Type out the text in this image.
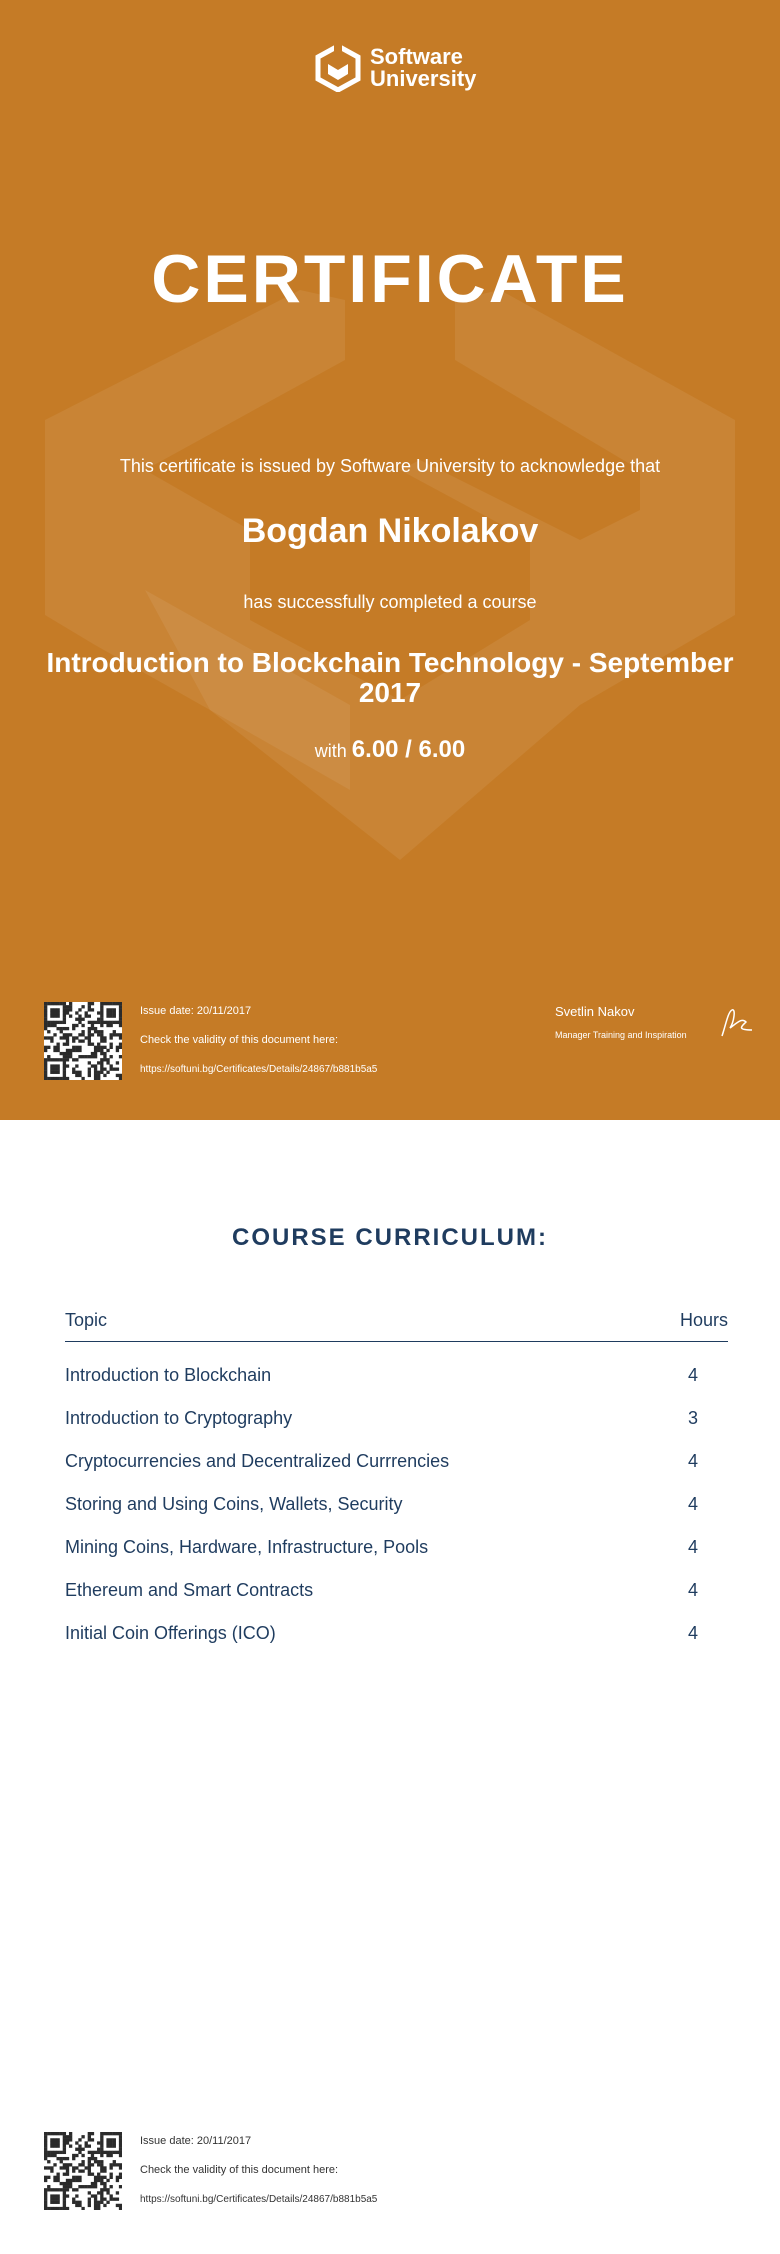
Software
University
CERTIFICATE
This certificate is issued by Software University to acknowledge that
Bogdan Nikolakov
has successfully completed a course
Introduction to Blockchain Technology - September 2017
with 6.00 / 6.00
Issue date: 20/11/2017
Check the validity of this document here:
https://softuni.bg/Certificates/Details/24867/b881b5a5
Svetlin Nakov
Manager Training and Inspiration
COURSE CURRICULUM:
Topic	Hours
Introduction to Blockchain	4
Introduction to Cryptography	3
Cryptocurrencies and Decentralized Currrencies	4
Storing and Using Coins, Wallets, Security	4
Mining Coins, Hardware, Infrastructure, Pools	4
Ethereum and Smart Contracts	4
Initial Coin Offerings (ICO)	4
Issue date: 20/11/2017
Check the validity of this document here:
https://softuni.bg/Certificates/Details/24867/b881b5a5
